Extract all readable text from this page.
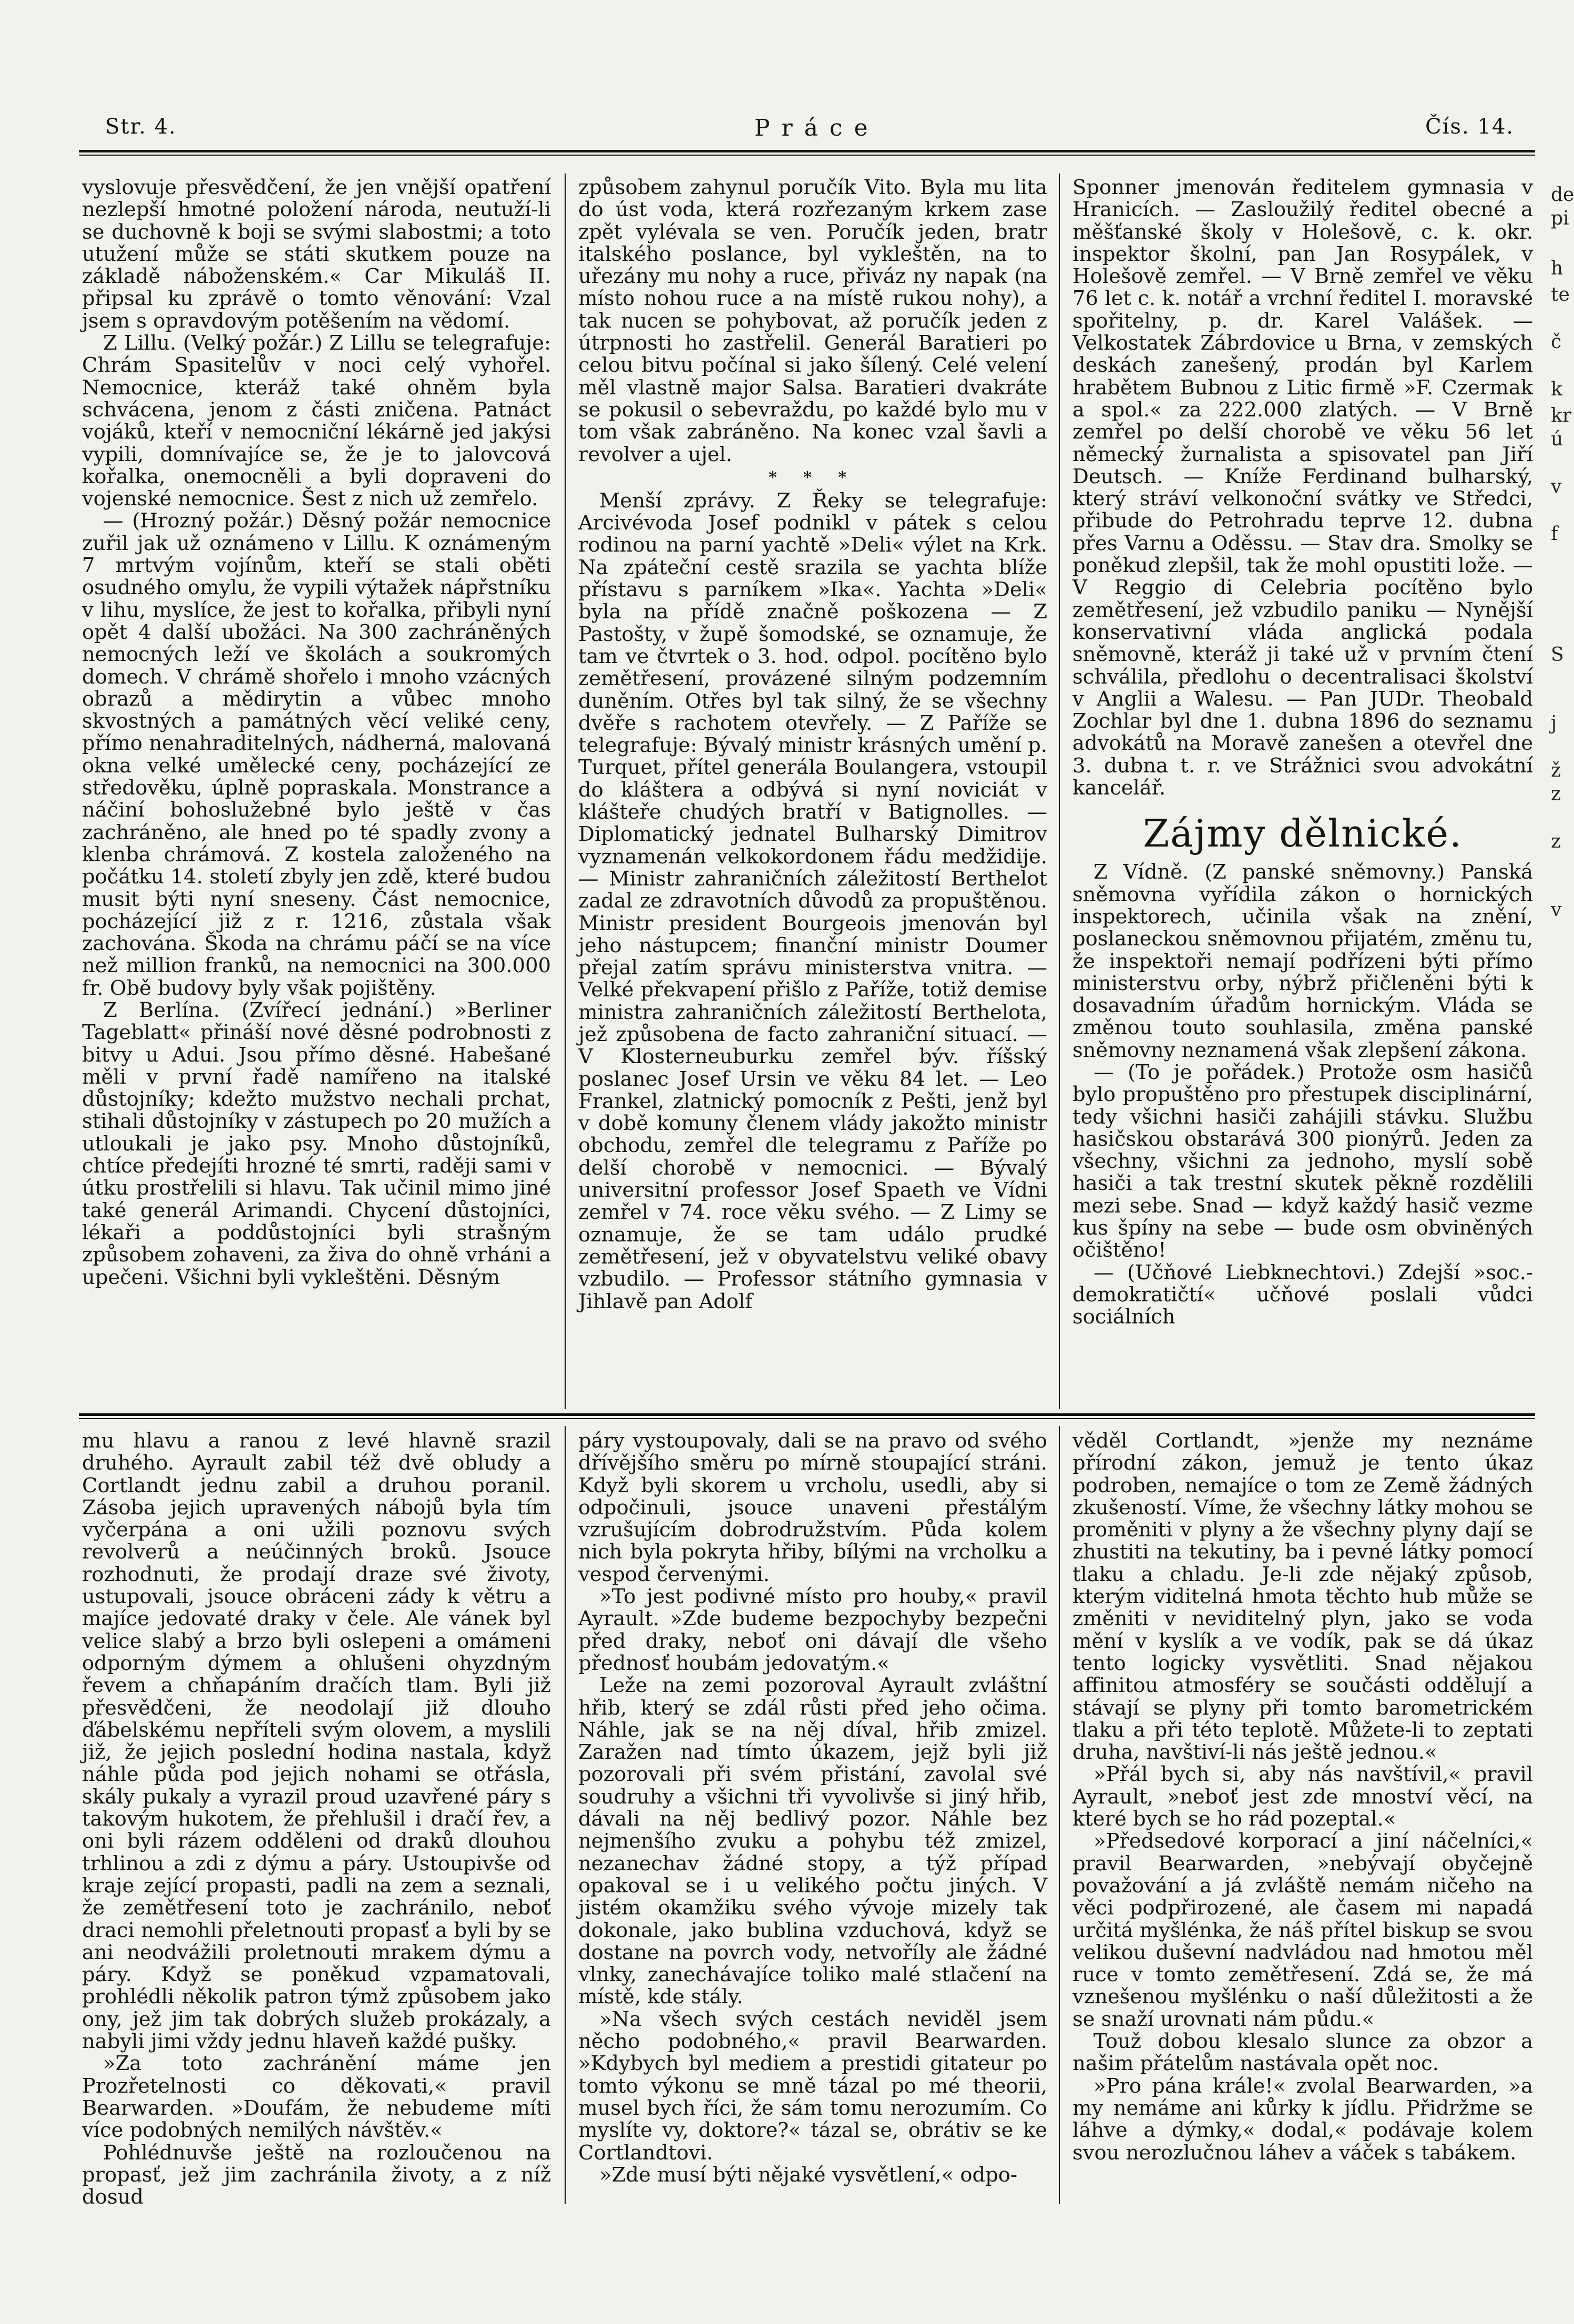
Str. 4.	Práce	Čís. 14.

vyslovuje přesvědčení, že jen vnější opatření nezlepší hmotné položení národa, neutuží-li se duchovně k boji se svými slabostmi; a toto utužení může se státi skutkem pouze na základě náboženském.« Car Mikuláš II. připsal ku zprávě o tomto věnování: Vzal jsem s opravdovým potěšením na vědomí.

Z Lillu. (Velký požár.) Z Lillu se telegrafuje: Chrám Spasitelův v noci celý vyhořel. Nemocnice, kteráž také ohněm byla schvácena, jenom z části zničena. Patnáct vojáků, kteří v nemocniční lékárně jed jakýsi vypili, domnívajíce se, že je to jalovcová kořalka, onemocněli a byli dopraveni do vojenské nemocnice. Šest z nich už zemřelo.

— (Hrozný požár.) Děsný požár nemocnice zuřil jak už oznámeno v Lillu. K oznámeným 7 mrtvým vojínům, kteří se stali oběti osudného omylu, že vypili výtažek nápřstníku v lihu, myslíce, že jest to kořalka, přibyli nyní opět 4 další ubožáci. Na 300 zachráněných nemocných leží ve školách a soukromých domech. V chrámě shořelo i mnoho vzácných obrazů a mědirytin a vůbec mnoho skvostných a památných věcí veliké ceny, přímo nenahraditelných, nádherná, malovaná okna velké umělecké ceny, pocházející ze středověku, úplně popraskala. Monstrance a náčiní bohoslužebné bylo ještě v čas zachráněno, ale hned po té spadly zvony a klenba chrámová. Z kostela založeného na počátku 14. století zbyly jen zdě, které budou musit býti nyní sneseny. Část nemocnice, pocházející již z r. 1216, zůstala však zachována. Škoda na chrámu páčí se na více než million franků, na nemocnici na 300.000 fr. Obě budovy byly však pojištěny.

Z Berlína. (Zvířecí jednání.) »Berliner Tageblatt« přináší nové děsné podrobnosti z bitvy u Adui. Jsou přímo děsné. Habešané měli v první řadě namířeno na italské důstojníky; kdežto mužstvo nechali prchat, stihali důstojníky v zástupech po 20 mužích a utloukali je jako psy. Mnoho důstojníků, chtíce předejíti hrozné té smrti, raději sami v útku prostřelili si hlavu. Tak učinil mimo jiné také generál Arimandi. Chycení důstojníci, lékaři a poddůstojníci byli strašným způsobem zohaveni, za živa do ohně vrháni a upečeni. Všichni byli vykleštěni. Děsným

způsobem zahynul poručík Vito. Byla mu lita do úst voda, která rozřezaným krkem zase zpět vylévala se ven. Poručík jeden, bratr italského poslance, byl vykleštěn, na to uřezány mu nohy a ruce, přiváz ny napak (na místo nohou ruce a na místě rukou nohy), a tak nucen se pohybovat, až poručík jeden z útrpnosti ho zastřelil. Generál Baratieri po celou bitvu počínal si jako šílený. Celé velení měl vlastně major Salsa. Baratieri dvakráte se pokusil o sebevraždu, po každé bylo mu v tom však zabráněno. Na konec vzal šavli a revolver a ujel.

* * *

Menší zprávy. Z Řeky se telegrafuje: Arcivévoda Josef podnikl v pátek s celou rodinou na parní yachtě »Deli« výlet na Krk. Na zpáteční cestě srazila se yachta blíže přístavu s parníkem »Ika«. Yachta »Deli« byla na přídě značně poškozena — Z Pastošty, v župě šomodské, se oznamuje, že tam ve čtvrtek o 3. hod. odpol. pocítěno bylo zemětřesení, provázené silným podzemním duněním. Otřes byl tak silný, že se všechny dvěře s rachotem otevřely. — Z Paříže se telegrafuje: Bývalý ministr krásných umění p. Turquet, přítel generála Boulangera, vstoupil do kláštera a odbývá si nyní noviciát v klášteře chudých bratří v Batignolles. — Diplomatický jednatel Bulharský Dimitrov vyznamenán velkokordonem řádu medžidije. — Ministr zahraničních záležitostí Berthelot zadal ze zdravotních důvodů za propuštěnou. Ministr president Bourgeois jmenován byl jeho nástupcem; finanční ministr Doumer přejal zatím správu ministerstva vnitra. — Velké překvapení přišlo z Paříže, totiž demise ministra zahraničních záležitostí Berthelota, jež způsobena de facto zahraniční situací. — V Klosterneuburku zemřel býv. říšský poslanec Josef Ursin ve věku 84 let. — Leo Frankel, zlatnický pomocník z Pešti, jenž byl v době komuny členem vlády jakožto ministr obchodu, zemřel dle telegramu z Paříže po delší chorobě v nemocnici. — Bývalý universitní professor Josef Spaeth ve Vídni zemřel v 74. roce věku svého. — Z Limy se oznamuje, že se tam událo prudké zemětřesení, jež v obyvatelstvu veliké obavy vzbudilo. — Professor státního gymnasia v Jihlavě pan Adolf

Sponner jmenován ředitelem gymnasia v Hranicích. — Zasloužilý ředitel obecné a měšťanské školy v Holešově, c. k. okr. inspektor školní, pan Jan Rosypálek, v Holešově zemřel. — V Brně zemřel ve věku 76 let c. k. notář a vrchní ředitel I. moravské spořitelny, p. dr. Karel Valášek. — Velkostatek Zábrdovice u Brna, v zemských deskách zanešený, prodán byl Karlem hrabětem Bubnou z Litic firmě »F. Czermak a spol.« za 222.000 zlatých. — V Brně zemřel po delší chorobě ve věku 56 let německý žurnalista a spisovatel pan Jiří Deutsch. — Kníže Ferdinand bulharský, který stráví velkonoční svátky ve Středci, přibude do Petrohradu teprve 12. dubna přes Varnu a Oděssu. — Stav dra. Smolky se poněkud zlepšil, tak že mohl opustiti lože. — V Reggio di Celebria pocítěno bylo zemětřesení, jež vzbudilo paniku — Nynější konservativní vláda anglická podala sněmovně, kteráž ji také už v prvním čtení schválila, předlohu o decentralisaci školství v Anglii a Walesu. — Pan JUDr. Theobald Zochlar byl dne 1. dubna 1896 do seznamu advokátů na Moravě zanešen a otevřel dne 3. dubna t. r. ve Strážnici svou advokátní kancelář.

Zájmy dělnické.

Z Vídně. (Z panské sněmovny.) Panská sněmovna vyřídila zákon o hornických inspektorech, učinila však na znění, poslaneckou sněmovnou přijatém, změnu tu, že inspektoři nemají podřízeni býti přímo ministerstvu orby, nýbrž přičleněni býti k dosavadním úřadům hornickým. Vláda se změnou touto souhlasila, změna panské sněmovny neznamená však zlepšení zákona.

— (To je pořádek.) Protože osm hasičů bylo propuštěno pro přestupek disciplinární, tedy všichni hasiči zahájili stávku. Službu hasičskou obstarává 300 pionýrů. Jeden za všechny, všichni za jednoho, myslí sobě hasiči a tak trestní skutek pěkně rozdělili mezi sebe. Snad — když každý hasič vezme kus špíny na sebe — bude osm obviněných očištěno!

— (Učňové Liebknechtovi.) Zdejší »soc.-demokratičtí« učňové poslali vůdci sociálních

mu hlavu a ranou z levé hlavně srazil druhého. Ayrault zabil též dvě obludy a Cortlandt jednu zabil a druhou poranil. Zásoba jejich upravených nábojů byla tím vyčerpána a oni užili poznovu svých revolverů a neúčinných broků. Jsouce rozhodnuti, že prodají draze své životy, ustupovali, jsouce obráceni zády k větru a majíce jedovaté draky v čele. Ale vánek byl velice slabý a brzo byli oslepeni a omámeni odporným dýmem a ohlušeni ohyzdným řevem a chňapáním dračích tlam. Byli již přesvědčeni, že neodolají již dlouho ďábelskému nepříteli svým olovem, a myslili již, že jejich poslední hodina nastala, když náhle půda pod jejich nohami se otřásla, skály pukaly a vyrazil proud uzavřené páry s takovým hukotem, že přehlušil i dračí řev, a oni byli rázem odděleni od draků dlouhou trhlinou a zdi z dýmu a páry. Ustoupivše od kraje zející propasti, padli na zem a seznali, že zemětřesení toto je zachránilo, neboť draci nemohli přeletnouti propasť a byli by se ani neodvážili proletnouti mrakem dýmu a páry. Když se poněkud vzpamatovali, prohlédli několik patron týmž způsobem jako ony, jež jim tak dobrých služeb prokázaly, a nabyli jimi vždy jednu hlaveň každé pušky.

»Za toto zachránění máme jen Prozřetelnosti co děkovati,« pravil Bearwarden. »Doufám, že nebudeme míti více podobných nemilých návštěv.«

Pohlédnuvše ještě na rozloučenou na propasť, jež jim zachránila životy, a z níž dosud

páry vystoupovaly, dali se na pravo od svého dřívějšího směru po mírně stoupající stráni. Když byli skorem u vrcholu, usedli, aby si odpočinuli, jsouce unaveni přestálým vzrušujícím dobrodružstvím. Půda kolem nich byla pokryta hřiby, bílými na vrcholku a vespod červenými.

»To jest podivné místo pro houby,« pravil Ayrault. »Zde budeme bezpochyby bezpečni před draky, neboť oni dávají dle všeho přednosť houbám jedovatým.«

Leže na zemi pozoroval Ayrault zvláštní hřib, který se zdál růsti před jeho očima. Náhle, jak se na něj díval, hřib zmizel. Zaražen nad tímto úkazem, jejž byli již pozorovali při svém přistání, zavolal své soudruhy a všichni tři vyvolivše si jiný hřib, dávali na něj bedlivý pozor. Náhle bez nejmenšího zvuku a pohybu též zmizel, nezanechav žádné stopy, a týž případ opakoval se i u velikého počtu jiných. V jistém okamžiku svého vývoje mizely tak dokonale, jako bublina vzduchová, když se dostane na povrch vody, netvoříly ale žádné vlnky, zanechávajíce toliko malé stlačení na místě, kde stály.

»Na všech svých cestách neviděl jsem něcho podobného,« pravil Bearwarden. »Kdybych byl mediem a prestidi gitateur po tomto výkonu se mně tázal po mé theorii, musel bych říci, že sám tomu nerozumím. Co myslíte vy, doktore?« tázal se, obrátiv se ke Cortlandtovi.

»Zde musí býti nějaké vysvětlení,« odpo-

věděl Cortlandt, »jenže my neznáme přírodní zákon, jemuž je tento úkaz podroben, nemajíce o tom ze Země žádných zkušeností. Víme, že všechny látky mohou se proměniti v plyny a že všechny plyny dají se zhustiti na tekutiny, ba i pevné látky pomocí tlaku a chladu. Je-li zde nějaký způsob, kterým viditelná hmota těchto hub může se změniti v neviditelný plyn, jako se voda mění v kyslík a ve vodík, pak se dá úkaz tento logicky vysvětliti. Snad nějakou affinitou atmosféry se součásti oddělují a stávají se plyny při tomto barometrickém tlaku a při této teplotě. Můžete-li to zeptati druha, navštiví-li nás ještě jednou.«

»Přál bych si, aby nás navštívil,« pravil Ayrault, »neboť jest zde mnoství věcí, na které bych se ho rád pozeptal.«

»Předsedové korporací a jiní náčelníci,« pravil Bearwarden, »nebývají obyčejně považování a já zvláště nemám ničeho na věci podpřirozené, ale časem mi napadá určitá myšlénka, že náš přítel biskup se svou velikou duševní nadvládou nad hmotou měl ruce v tomto zemětřesení. Zdá se, že má vznešenou myšlénku o naší důležitosti a že se snaží urovnati nám půdu.«

Touž dobou klesalo slunce za obzor a našim přátelům nastávala opět noc.

»Pro pána krále!« zvolal Bearwarden, »a my nemáme ani kůrky k jídlu. Přidržme se láhve a dýmky,« dodal,« podávaje kolem svou nerozlučnou láhev a váček s tabákem.

de
pi
h
te
č
k
kr
ú
v
f
S
j
ž
z
z
v
